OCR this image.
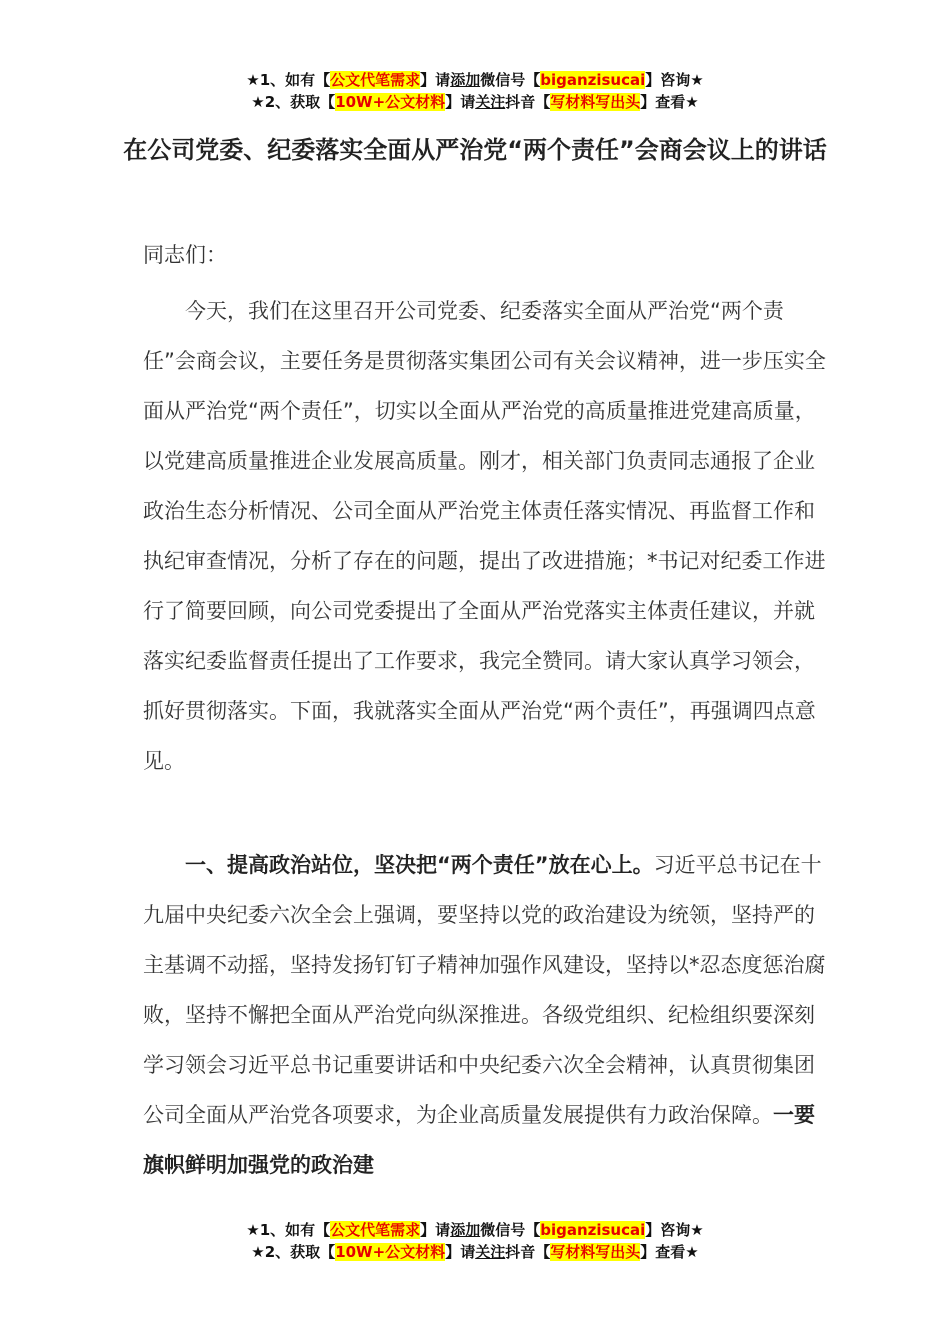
★1、如有【公文代笔需求】请添加微信号【biganzisucai】咨询★
★2、获取【10W+公文材料】请关注抖音【写材料写出头】查看★
在公司党委、纪委落实全面从严治党“两个责任”会商会议上的讲话
同志们：
今天，我们在这里召开公司党委、纪委落实全面从严治党“两个责任”会商会议，主要任务是贯彻落实集团公司有关会议精神，进一步压实全面从严治党“两个责任”，切实以全面从严治党的高质量推进党建高质量，以党建高质量推进企业发展高质量。刚才，相关部门负责同志通报了企业政治生态分析情况、公司全面从严治党主体责任落实情况、再监督工作和执纪审查情况，分析了存在的问题，提出了改进措施；*书记对纪委工作进行了简要回顾，向公司党委提出了全面从严治党落实主体责任建议，并就落实纪委监督责任提出了工作要求，我完全赞同。请大家认真学习领会，抓好贯彻落实。下面，我就落实全面从严治党“两个责任”，再强调四点意见。
一、提高政治站位，坚决把“两个责任”放在心上。习近平总书记在十九届中央纪委六次全会上强调，要坚持以党的政治建设为统领，坚持严的主基调不动摇，坚持发扬钉钉子精神加强作风建设，坚持以*忍态度惩治腐败，坚持不懈把全面从严治党向纵深推进。各级党组织、纪检组织要深刻学习领会习近平总书记重要讲话和中央纪委六次全会精神，认真贯彻集团公司全面从严治党各项要求，为企业高质量发展提供有力政治保障。一要旗帜鲜明加强党的政治建
★1、如有【公文代笔需求】请添加微信号【biganzisucai】咨询★
★2、获取【10W+公文材料】请关注抖音【写材料写出头】查看★
